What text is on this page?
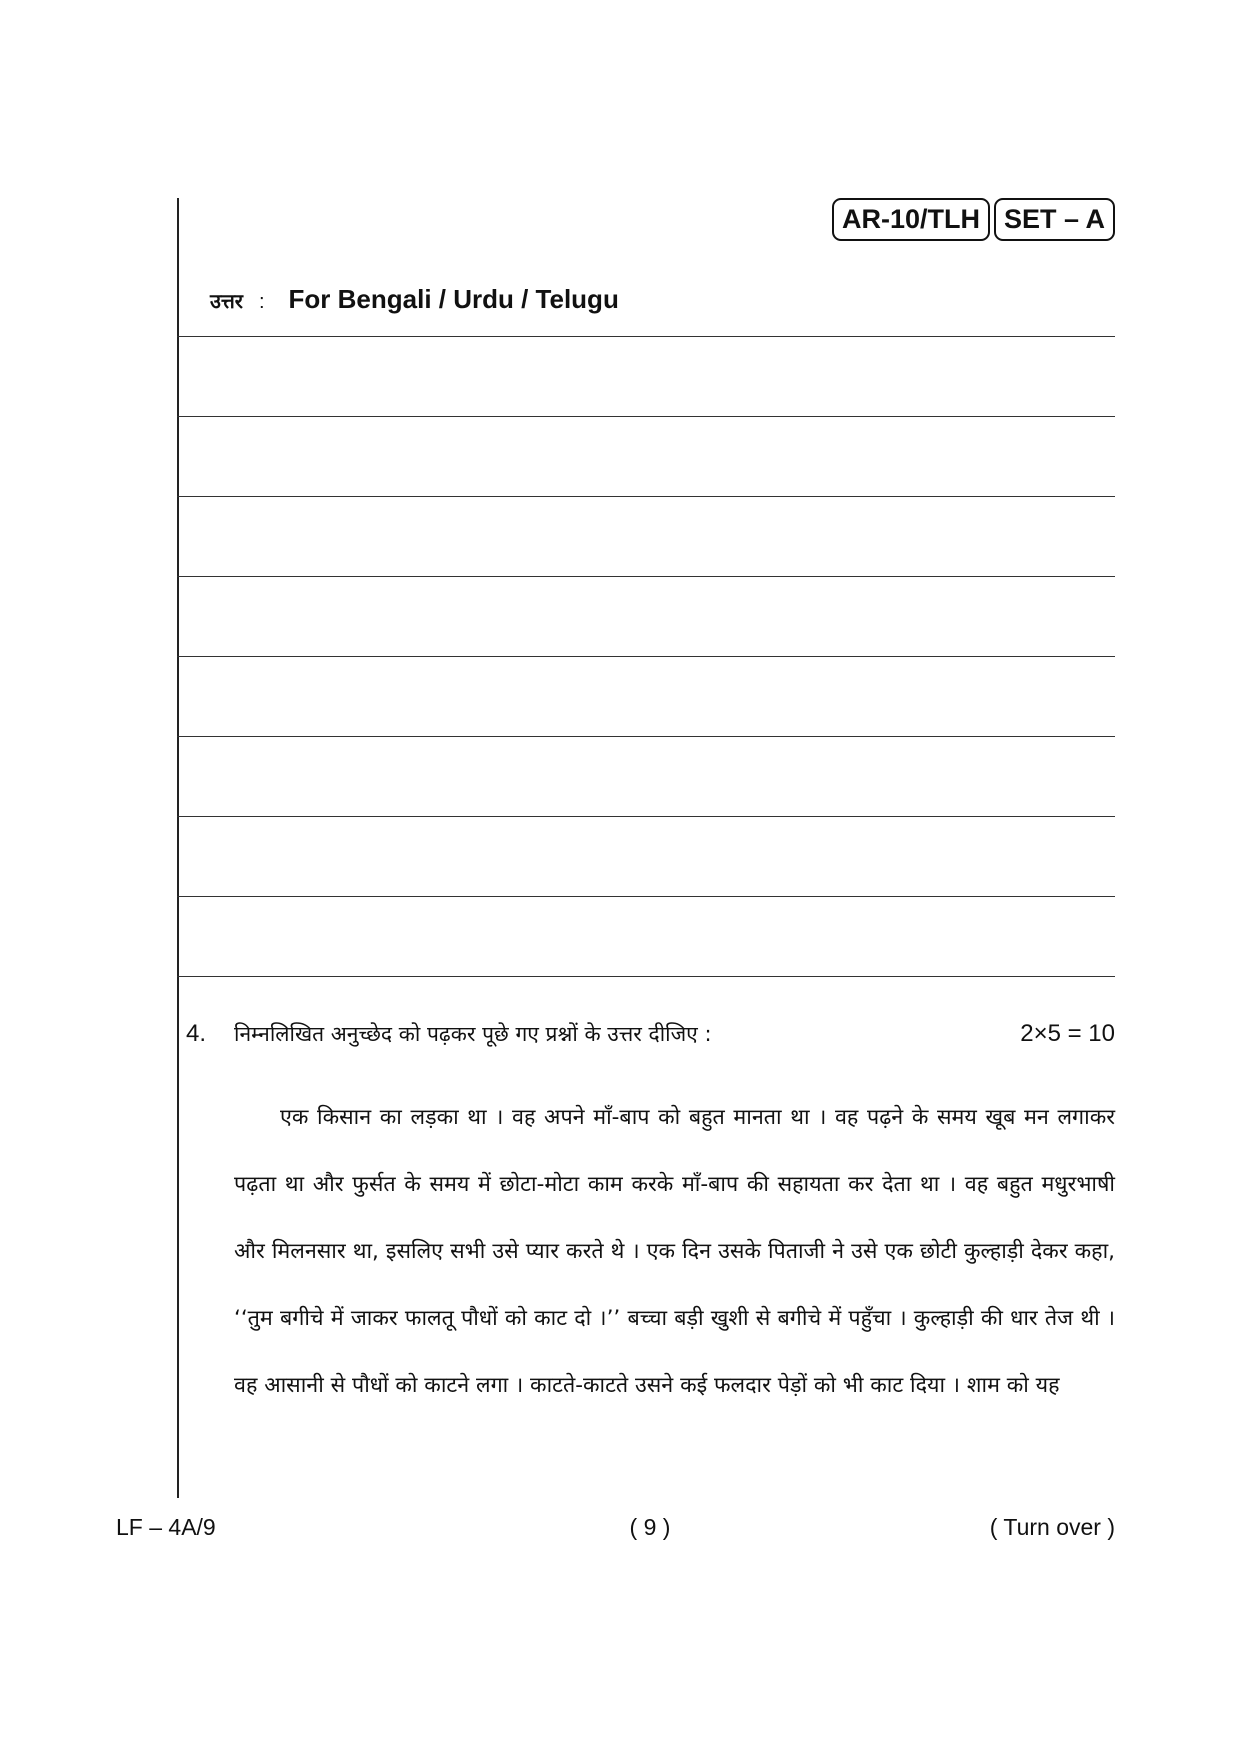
AR-10/TLH SET – A
उत्तर : For Bengali / Urdu / Telugu
4.	निम्नलिखित अनुच्छेद को पढ़कर पूछे गए प्रश्नों के उत्तर दीजिए :	2×5 = 10

एक किसान का लड़का था । वह अपने माँ-बाप को बहुत मानता था । वह पढ़ने के समय खूब मन लगाकर पढ़ता था और फुर्सत के समय में छोटा-मोटा काम करके माँ-बाप की सहायता कर देता था । वह बहुत मधुरभाषी और मिलनसार था, इसलिए सभी उसे प्यार करते थे । एक दिन उसके पिताजी ने उसे एक छोटी कुल्हाड़ी देकर कहा, ‘‘तुम बगीचे में जाकर फालतू पौधों को काट दो ।’’ बच्चा बड़ी खुशी से बगीचे में पहुँचा । कुल्हाड़ी की धार तेज थी । वह आसानी से पौधों को काटने लगा । काटते-काटते उसने कई फलदार पेड़ों को भी काट दिया । शाम को यह

LF – 4A/9	( 9 )	( Turn over )
